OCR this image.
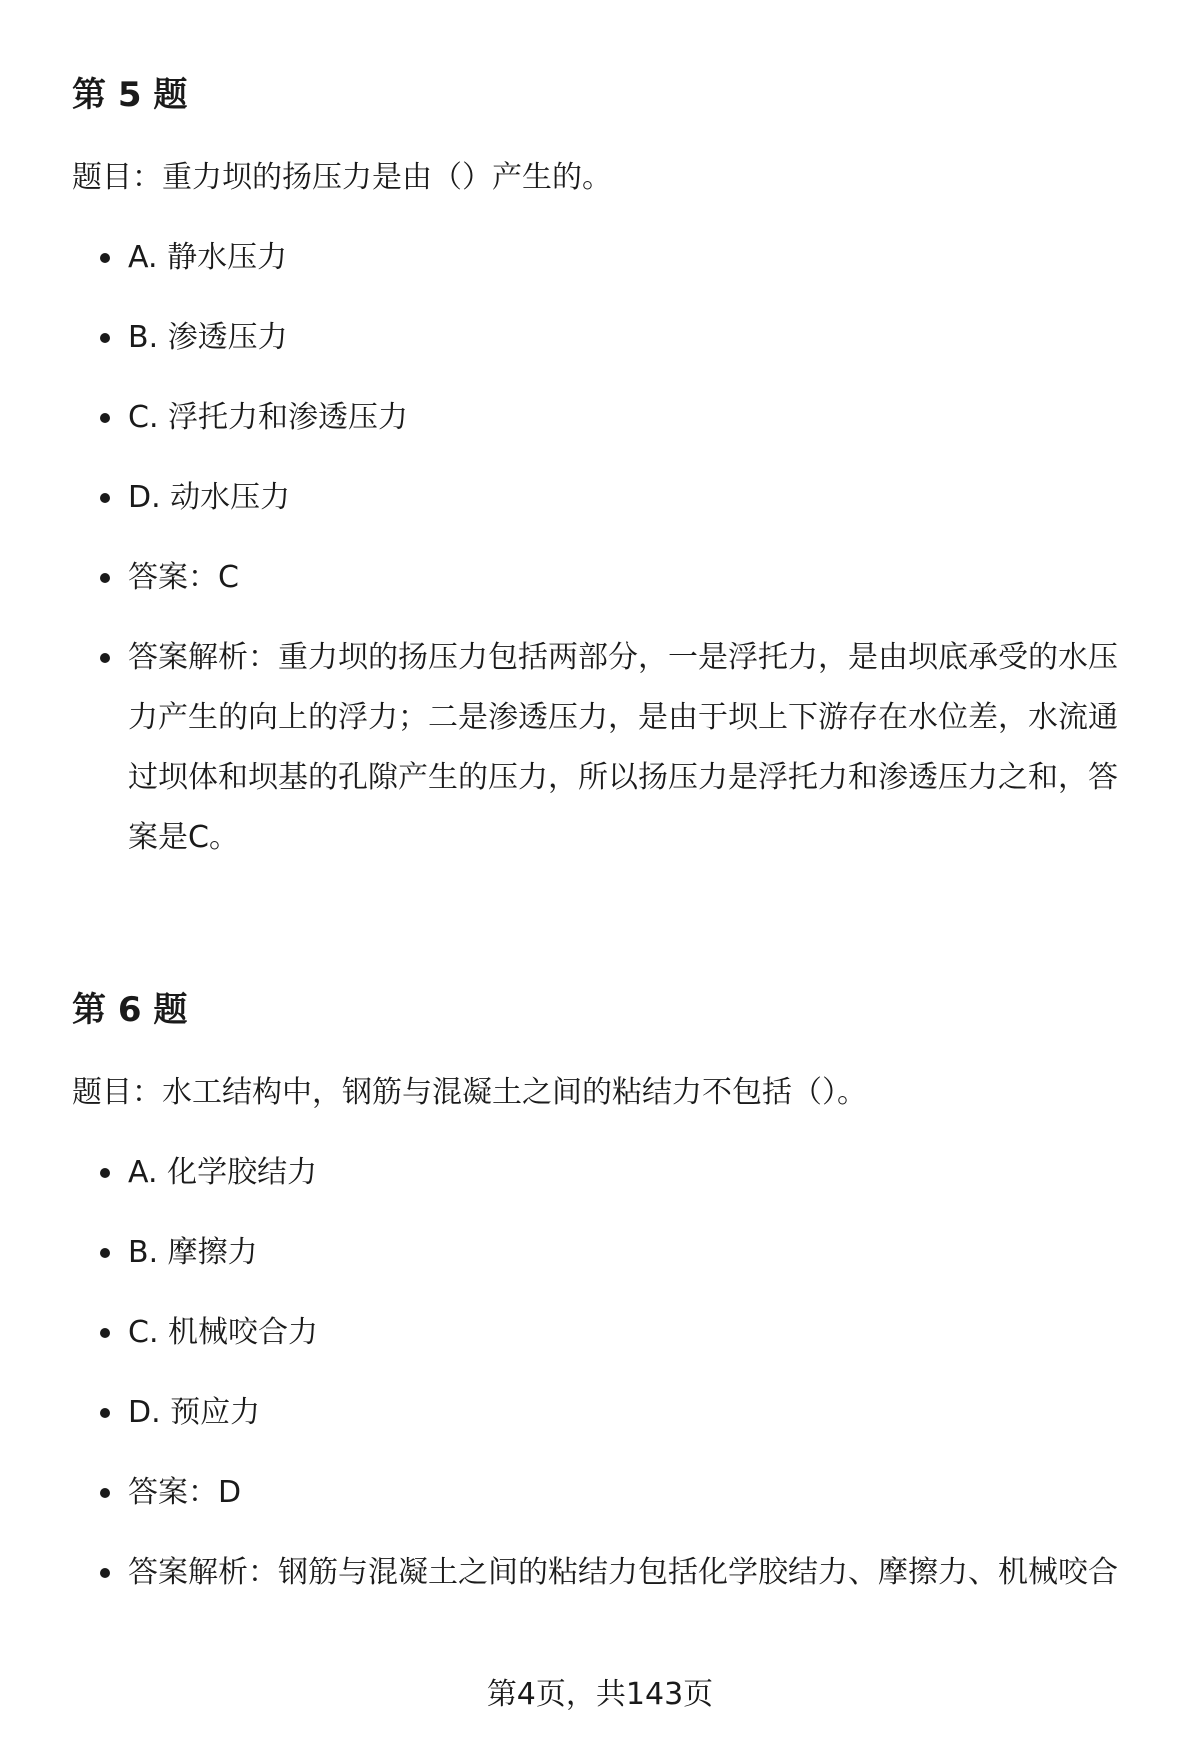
第 5 题

题目：重力坝的扬压力是由（）产生的。

A. 静水压力
B. 渗透压力
C. 浮托力和渗透压力
D. 动水压力
答案：C
答案解析：重力坝的扬压力包括两部分，一是浮托力，是由坝底承受的水压力产生的向上的浮力；二是渗透压力，是由于坝上下游存在水位差，水流通过坝体和坝基的孔隙产生的压力，所以扬压力是浮托力和渗透压力之和，答案是C。
第 6 题

题目：水工结构中，钢筋与混凝土之间的粘结力不包括（）。

A. 化学胶结力
B. 摩擦力
C. 机械咬合力
D. 预应力
答案：D
答案解析：钢筋与混凝土之间的粘结力包括化学胶结力、摩擦力、机械咬合
第4页，共143页
